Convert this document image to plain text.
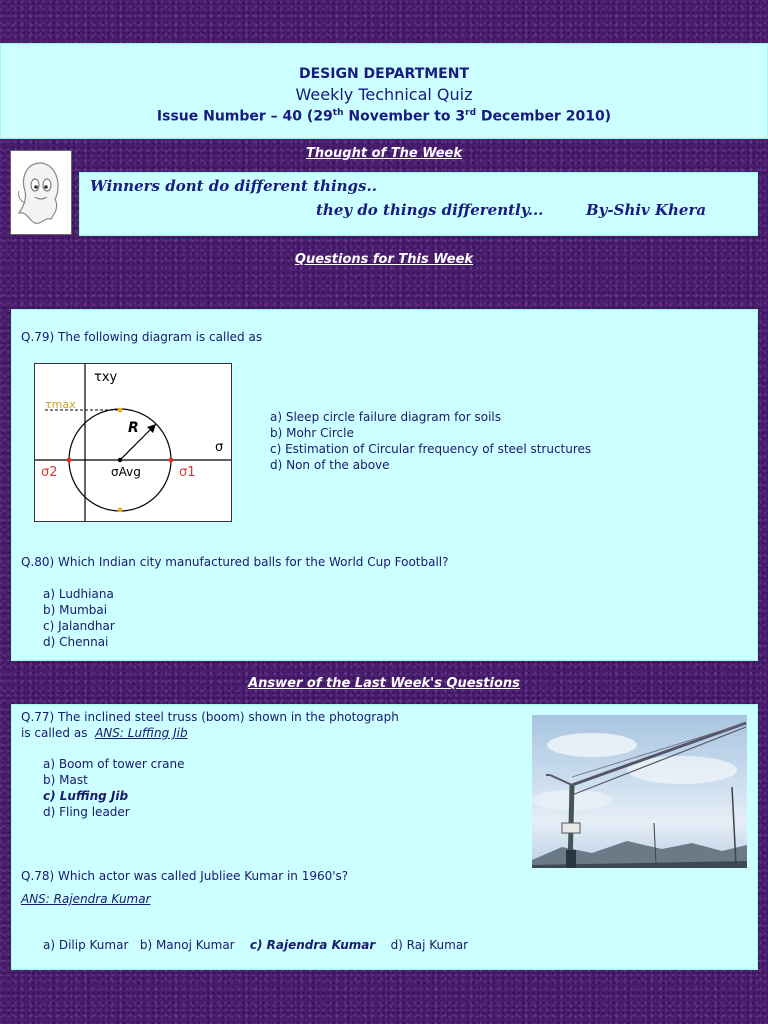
DESIGN DEPARTMENT
Weekly Technical Quiz
Issue Number – 40 (29th November to 3rd December 2010)
Thought of The Week
Winners dont do different things..
they do things differently...	By-Shiv Khera
Questions for This Week
Q.79) The following diagram is called as
τxy
τmax
R
σ
σ2	σAvg	σ1
a) Sleep circle failure diagram for soils
b) Mohr Circle
c) Estimation of Circular frequency of steel structures
d) Non of the above
Q.80) Which Indian city manufactured balls for the World Cup Football?
a) Ludhiana
b) Mumbai
c) Jalandhar
d) Chennai
Answer of the Last Week's Questions
Q.77) The inclined steel truss (boom) shown in the photograph
is called as ANS: Luffing Jib
a) Boom of tower crane
b) Mast
c) Luffing Jib
d) Fling leader
Q.78) Which actor was called Jubliee Kumar in 1960's?
ANS: Rajendra Kumar
a) Dilip Kumar b) Manoj Kumar c) Rajendra Kumar d) Raj Kumar
